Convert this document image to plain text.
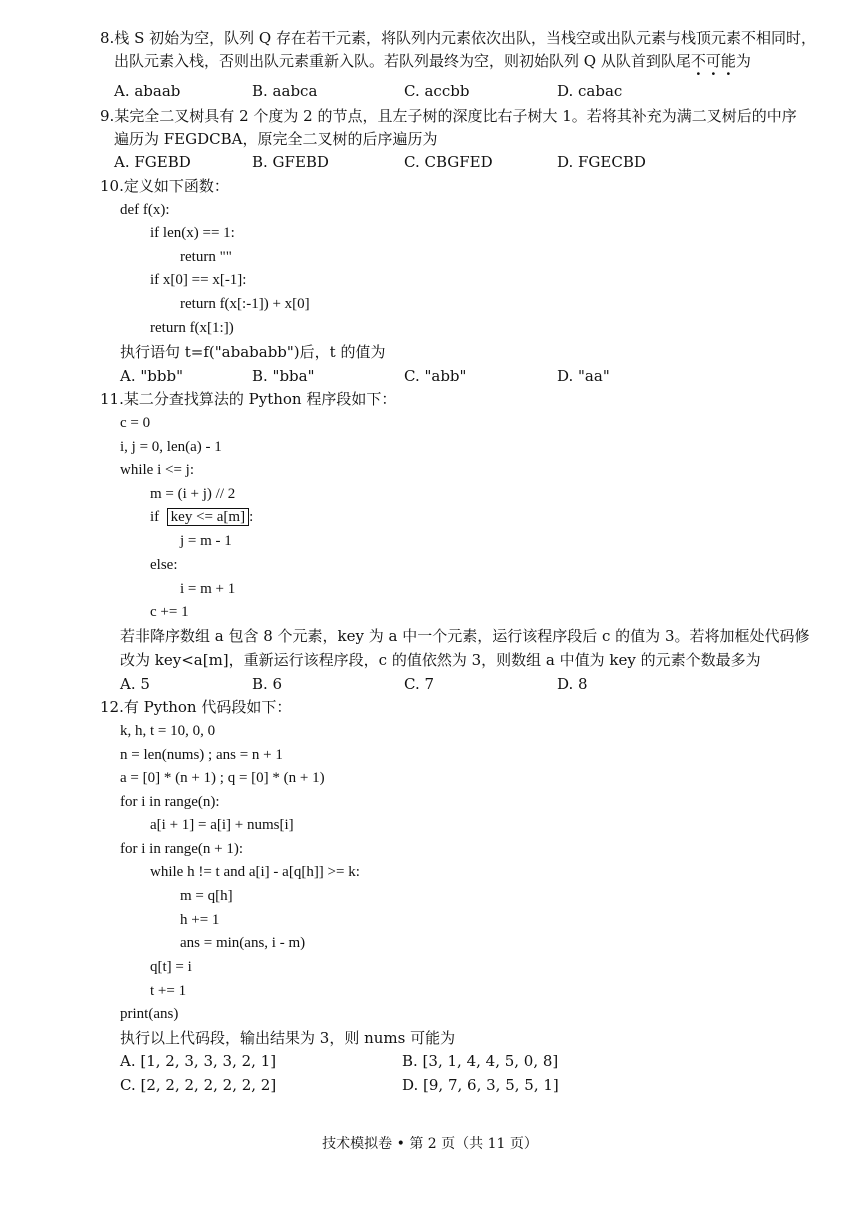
8.栈 S 初始为空，队列 Q 存在若干元素，将队列内元素依次出队，当栈空或出队元素与栈顶元素不相同时，
出队元素入栈，否则出队元素重新入队。若队列最终为空，则初始队列 Q 从队首到队尾不可能为
A. abaab	B. aabca	C. accbb	D. cabac
9.某完全二叉树具有 2 个度为 2 的节点，且左子树的深度比右子树大 1。若将其补充为满二叉树后的中序
遍历为 FEGDCBA，原完全二叉树的后序遍历为
A. FGEBD	B. GFEBD	C. CBGFED	D. FGECBD
10.定义如下函数：
def f(x):
if len(x) == 1:
return ""
if x[0] == x[-1]:
return f(x[:-1]) + x[0]
return f(x[1:])
执行语句 t=f("abababb")后，t 的值为
A. "bbb"	B. "bba"	C. "abb"	D. "aa"
11.某二分查找算法的 Python 程序段如下：
c = 0
i, j = 0, len(a) - 1
while i <= j:
m = (i + j) // 2
if key <= a[m] :
j = m - 1
else:
i = m + 1
c += 1
若非降序数组 a 包含 8 个元素，key 为 a 中一个元素，运行该程序段后 c 的值为 3。若将加框处代码修
改为 key<a[m]，重新运行该程序段，c 的值依然为 3，则数组 a 中值为 key 的元素个数最多为
A. 5	B. 6	C. 7	D. 8
12.有 Python 代码段如下：
k, h, t = 10, 0, 0
n = len(nums) ; ans = n + 1
a = [0] * (n + 1) ; q = [0] * (n + 1)
for i in range(n):
a[i + 1] = a[i] + nums[i]
for i in range(n + 1):
while h != t and a[i] - a[q[h]] >= k:
m = q[h]
h += 1
ans = min(ans, i - m)
q[t] = i
t += 1
print(ans)
执行以上代码段，输出结果为 3，则 nums 可能为
A. [1, 2, 3, 3, 3, 2, 1]	B. [3, 1, 4, 4, 5, 0, 8]
C. [2, 2, 2, 2, 2, 2, 2]	D. [9, 7, 6, 3, 5, 5, 1]
技术模拟卷 • 第 2 页（共 11 页）
